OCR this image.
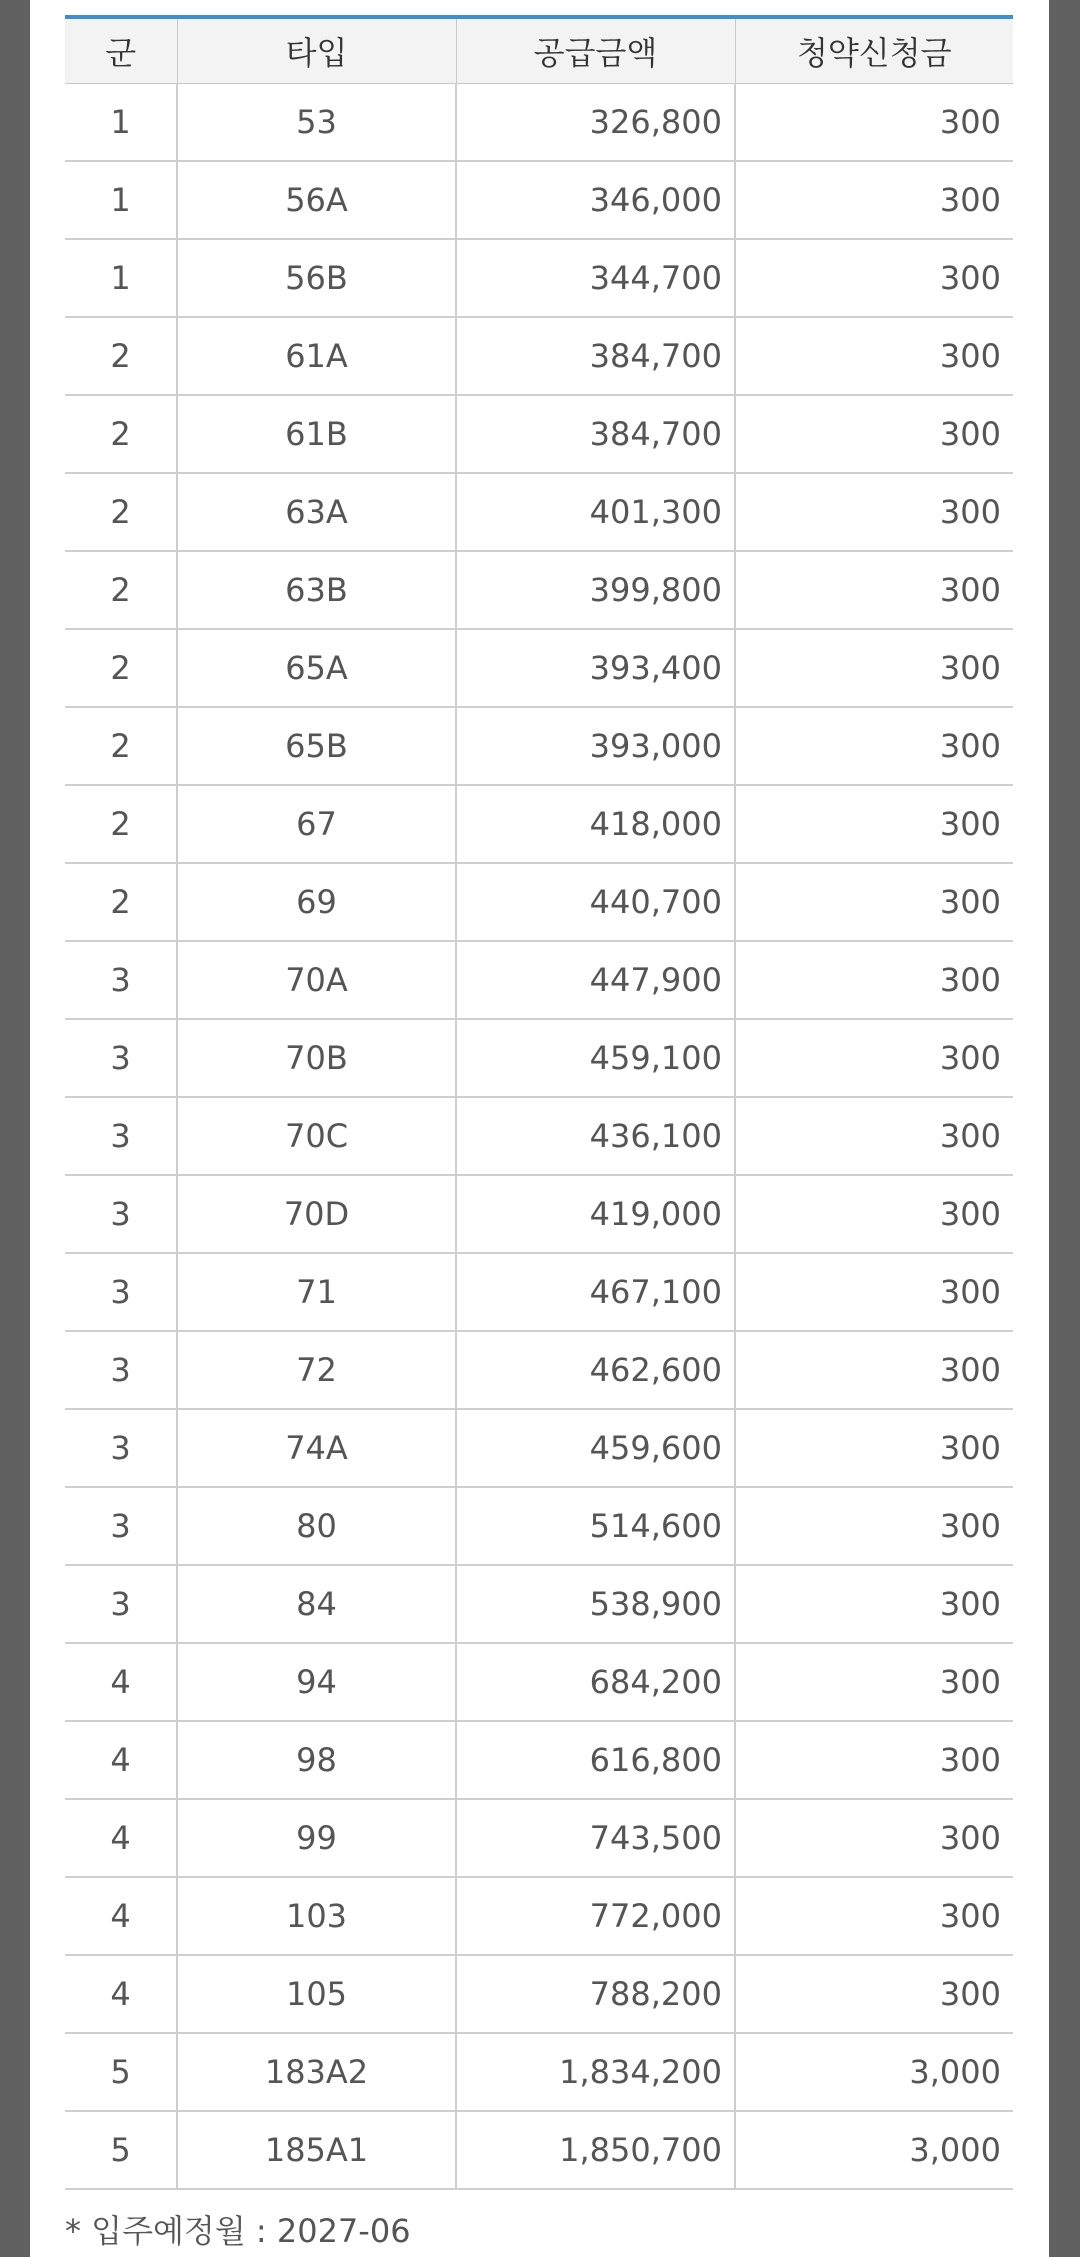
군	타입	공급금액	청약신청금
1	53	326,800	300
1	56A	346,000	300
1	56B	344,700	300
2	61A	384,700	300
2	61B	384,700	300
2	63A	401,300	300
2	63B	399,800	300
2	65A	393,400	300
2	65B	393,000	300
2	67	418,000	300
2	69	440,700	300
3	70A	447,900	300
3	70B	459,100	300
3	70C	436,100	300
3	70D	419,000	300
3	71	467,100	300
3	72	462,600	300
3	74A	459,600	300
3	80	514,600	300
3	84	538,900	300
4	94	684,200	300
4	98	616,800	300
4	99	743,500	300
4	103	772,000	300
4	105	788,200	300
5	183A2	1,834,200	3,000
5	185A1	1,850,700	3,000
* 입주예정월 : 2027-06
